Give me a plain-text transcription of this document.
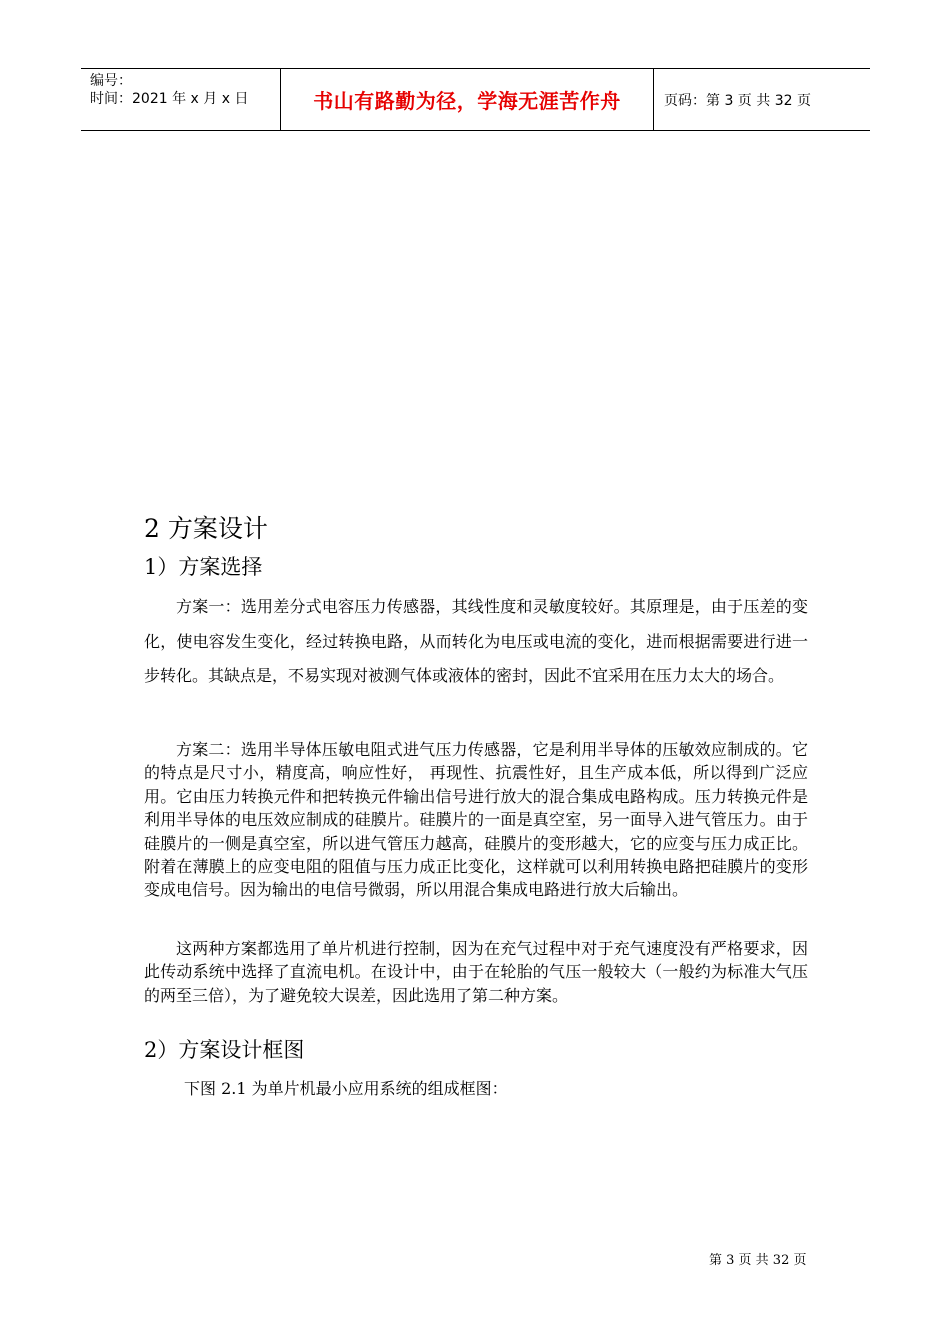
编号：
时间：2021 年 x 月 x 日	书山有路勤为径，学海无涯苦作舟	页码：第 3 页 共 32 页
2 方案设计
1）方案选择

方案一：选用差分式电容压力传感器，其线性度和灵敏度较好。其原理是，由于压差的变化，使电容发生变化，经过转换电路，从而转化为电压或电流的变化，进而根据需要进行进一步转化。其缺点是，不易实现对被测气体或液体的密封，因此不宜采用在压力太大的场合。

方案二：选用半导体压敏电阻式进气压力传感器，它是利用半导体的压敏效应制成的。它的特点是尺寸小，精度高，响应性好， 再现性、抗震性好，且生产成本低，所以得到广泛应用。它由压力转换元件和把转换元件输出信号进行放大的混合集成电路构成。压力转换元件是利用半导体的电压效应制成的硅膜片。硅膜片的一面是真空室，另一面导入进气管压力。由于硅膜片的一侧是真空室，所以进气管压力越高，硅膜片的变形越大，它的应变与压力成正比。附着在薄膜上的应变电阻的阻值与压力成正比变化，这样就可以利用转换电路把硅膜片的变形变成电信号。因为输出的电信号微弱，所以用混合集成电路进行放大后输出。

这两种方案都选用了单片机进行控制，因为在充气过程中对于充气速度没有严格要求，因此传动系统中选择了直流电机。在设计中，由于在轮胎的气压一般较大（一般约为标准大气压的两至三倍），为了避免较大误差，因此选用了第二种方案。

2）方案设计框图
下图 2.1 为单片机最小应用系统的组成框图：
第 3 页 共 32 页
